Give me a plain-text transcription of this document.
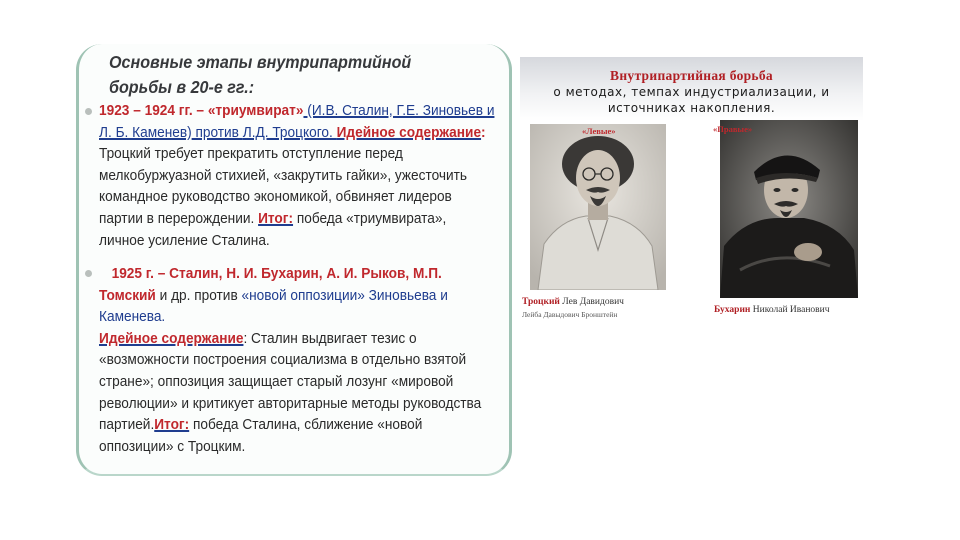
Основные этапы внутрипартийной борьбы в 20-е гг.:
1923 – 1924 гг. – «триумвират» (И.В. Сталин, Г.Е. Зиновьев и Л. Б. Каменев) против Л.Д. Троцкого. Идейное содержание: Троцкий требует прекратить отступление перед мелкобуржуазной стихией, «закрутить гайки», ужесточить командное руководство экономикой, обвиняет лидеров партии в перерождении. Итог: победа «триумвирата», личное усиление Сталина.
1925 г. – Сталин, Н. И. Бухарин, А. И. Рыков, М.П. Томский и др. против «новой оппозиции» Зиновьева и Каменева.
Идейное содержание: Сталин выдвигает тезис о «возможности построения социализма в отдельно взятой стране»; оппозиция защищает старый лозунг «мировой революции» и критикует авторитарные методы руководства партией.Итог: победа Сталина, сближение «новой оппозиции» с Троцким.
Внутрипартийная борьба
о методах, темпах индустриализации, и
источниках накопления.
«Левые»	«Правые»
Троцкий Лев Давидович
Лейба Давыдович Бронштейн	Бухарин Николай Иванович
